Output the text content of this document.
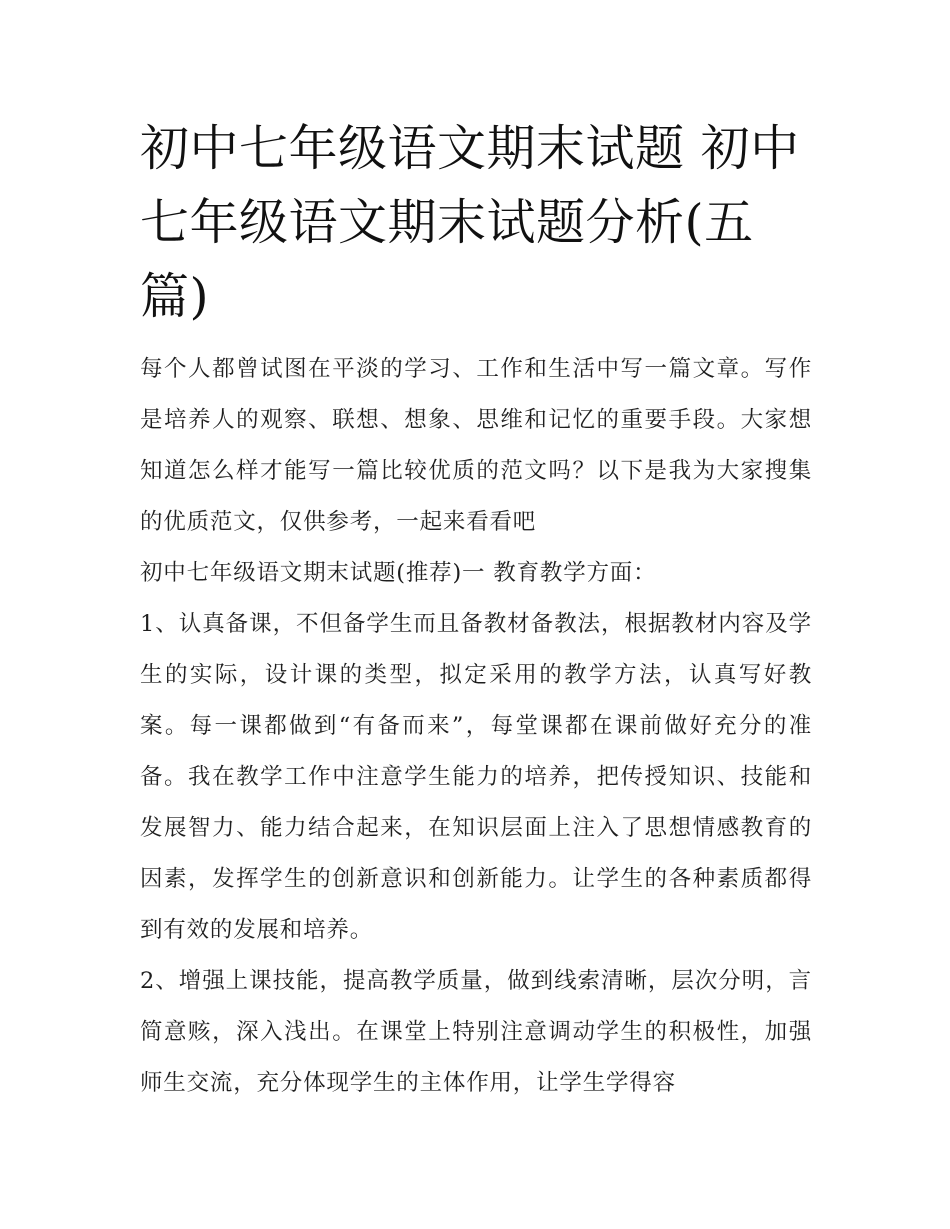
初中七年级语文期末试题 初中七年级语文期末试题分析(五篇)

每个人都曾试图在平淡的学习、工作和生活中写一篇文章。写作是培养人的观察、联想、想象、思维和记忆的重要手段。大家想知道怎么样才能写一篇比较优质的范文吗？以下是我为大家搜集的优质范文，仅供参考，一起来看看吧

初中七年级语文期末试题(推荐)一 教育教学方面：

1、认真备课，不但备学生而且备教材备教法，根据教材内容及学生的实际，设计课的类型，拟定采用的教学方法，认真写好教案。每一课都做到“有备而来”，每堂课都在课前做好充分的准备。我在教学工作中注意学生能力的培养，把传授知识、技能和发展智力、能力结合起来，在知识层面上注入了思想情感教育的因素，发挥学生的创新意识和创新能力。让学生的各种素质都得到有效的发展和培养。

2、增强上课技能，提高教学质量，做到线索清晰，层次分明，言简意赅，深入浅出。在课堂上特别注意调动学生的积极性，加强师生交流，充分体现学生的主体作用，让学生学得容
